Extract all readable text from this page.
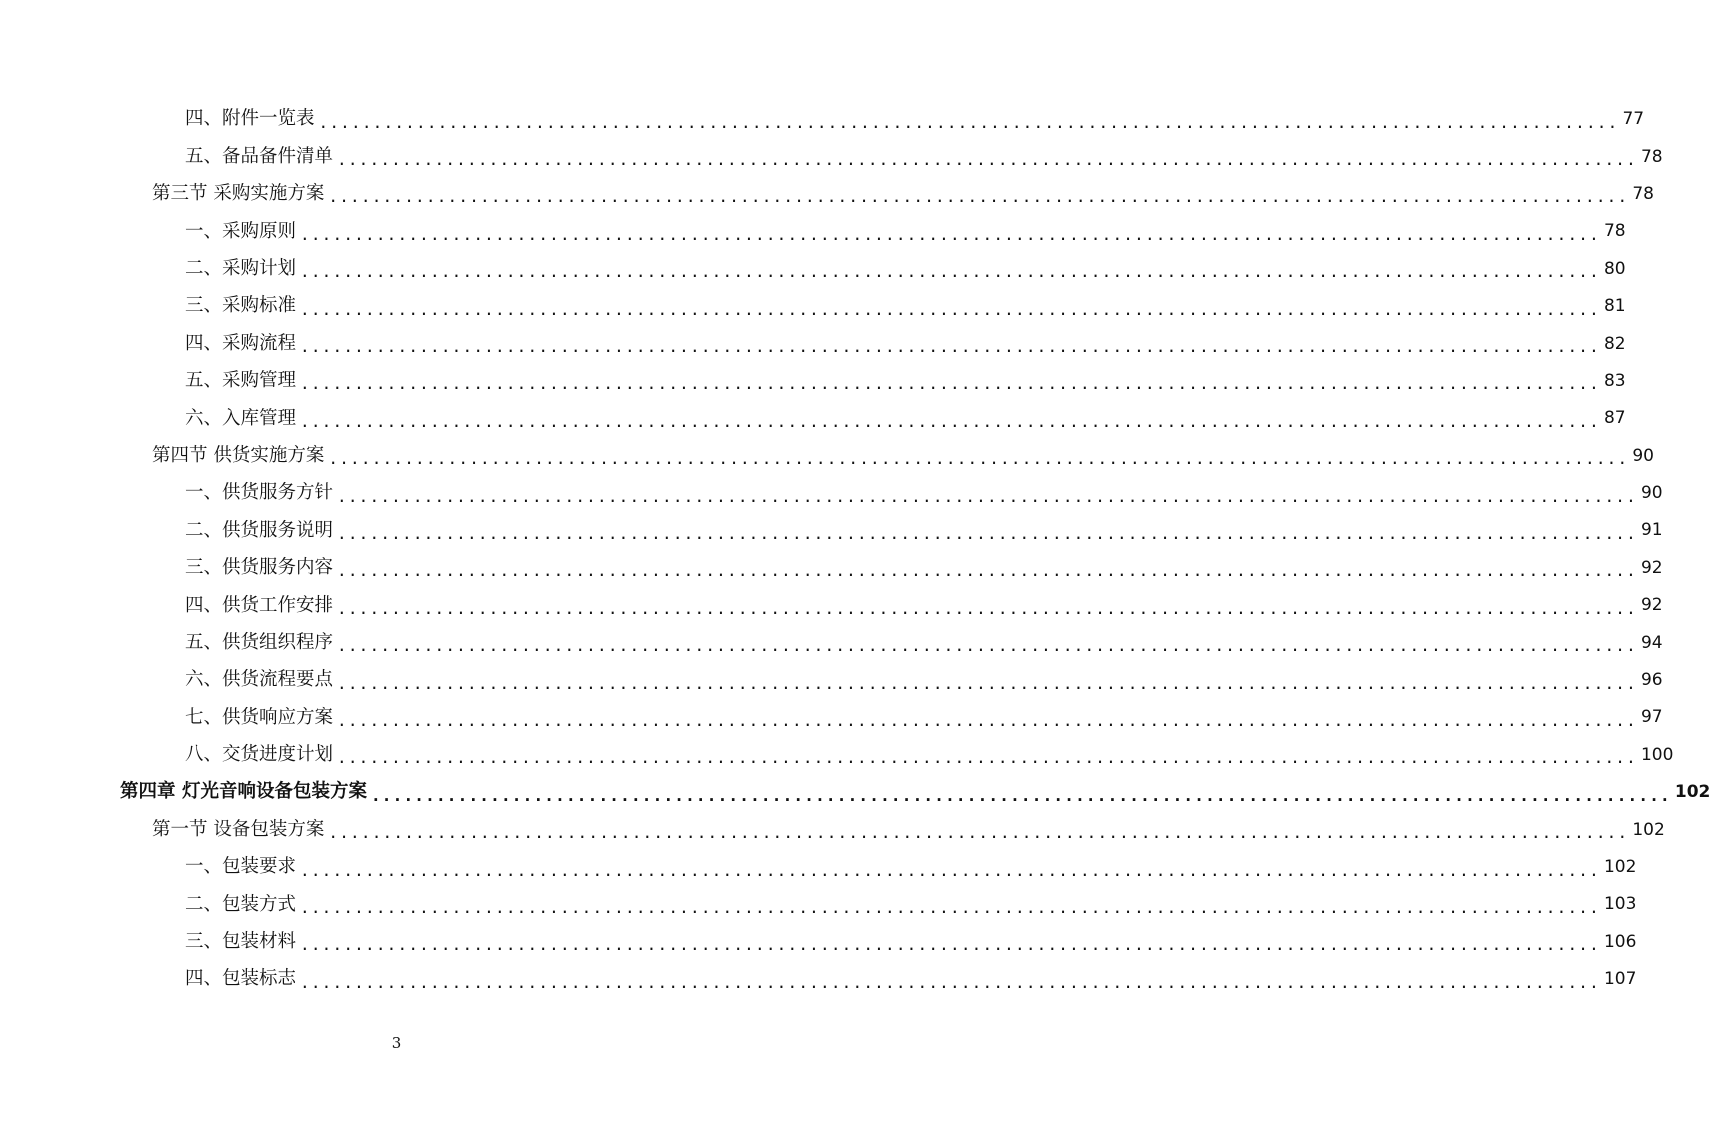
四、附件一览表 ........................................................................................................................ 77
五、备品备件清单 ........................................................................................................................ 78
第三节 采购实施方案 ........................................................................................................................ 78
一、采购原则 ........................................................................................................................ 78
二、采购计划 ........................................................................................................................ 80
三、采购标准 ........................................................................................................................ 81
四、采购流程 ........................................................................................................................ 82
五、采购管理 ........................................................................................................................ 83
六、入库管理 ........................................................................................................................ 87
第四节 供货实施方案 ........................................................................................................................ 90
一、供货服务方针 ........................................................................................................................ 90
二、供货服务说明 ........................................................................................................................ 91
三、供货服务内容 ........................................................................................................................ 92
四、供货工作安排 ........................................................................................................................ 92
五、供货组织程序 ........................................................................................................................ 94
六、供货流程要点 ........................................................................................................................ 96
七、供货响应方案 ........................................................................................................................ 97
八、交货进度计划 ........................................................................................................................ 100
第四章 灯光音响设备包装方案 ........................................................................................................................ 102
第一节 设备包装方案 ........................................................................................................................ 102
一、包装要求 ........................................................................................................................ 102
二、包装方式 ........................................................................................................................ 103
三、包装材料 ........................................................................................................................ 106
四、包装标志 ........................................................................................................................ 107
3
